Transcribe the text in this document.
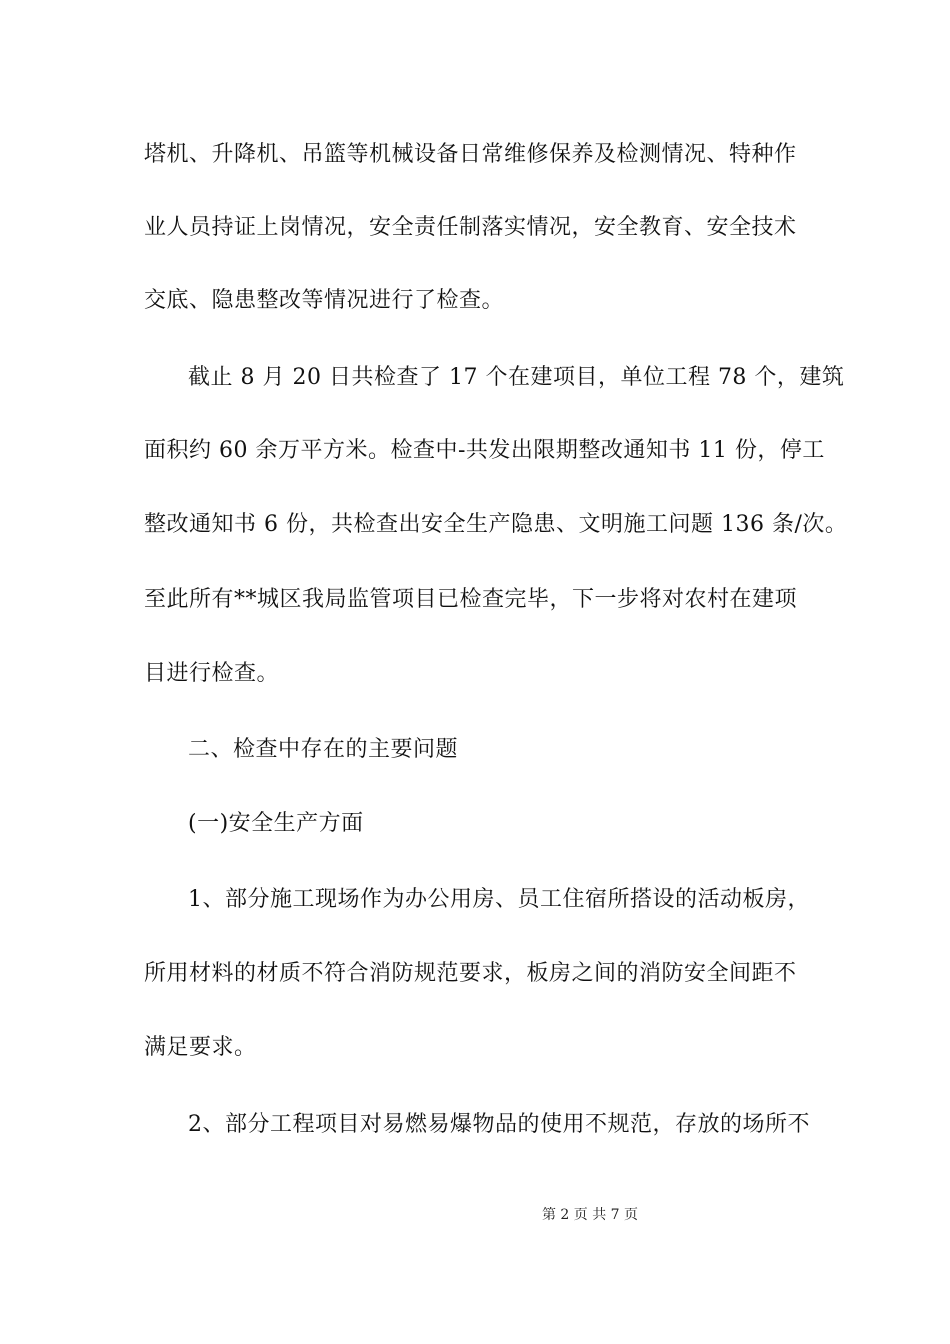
塔机、升降机、吊篮等机械设备日常维修保养及检测情况、特种作
业人员持证上岗情况，安全责任制落实情况，安全教育、安全技术
交底、隐患整改等情况进行了检查。
截止 8 月 20 日共检查了 17 个在建项目，单位工程 78 个，建筑
面积约 60 余万平方米。检查中-共发出限期整改通知书 11 份，停工
整改通知书 6 份，共检查出安全生产隐患、文明施工问题 136 条/次。
至此所有**城区我局监管项目已检查完毕，下一步将对农村在建项
目进行检查。
二、检查中存在的主要问题
(一)安全生产方面
1、部分施工现场作为办公用房、员工住宿所搭设的活动板房，
所用材料的材质不符合消防规范要求，板房之间的消防安全间距不
满足要求。
2、部分工程项目对易燃易爆物品的使用不规范，存放的场所不
第 2 页 共 7 页
